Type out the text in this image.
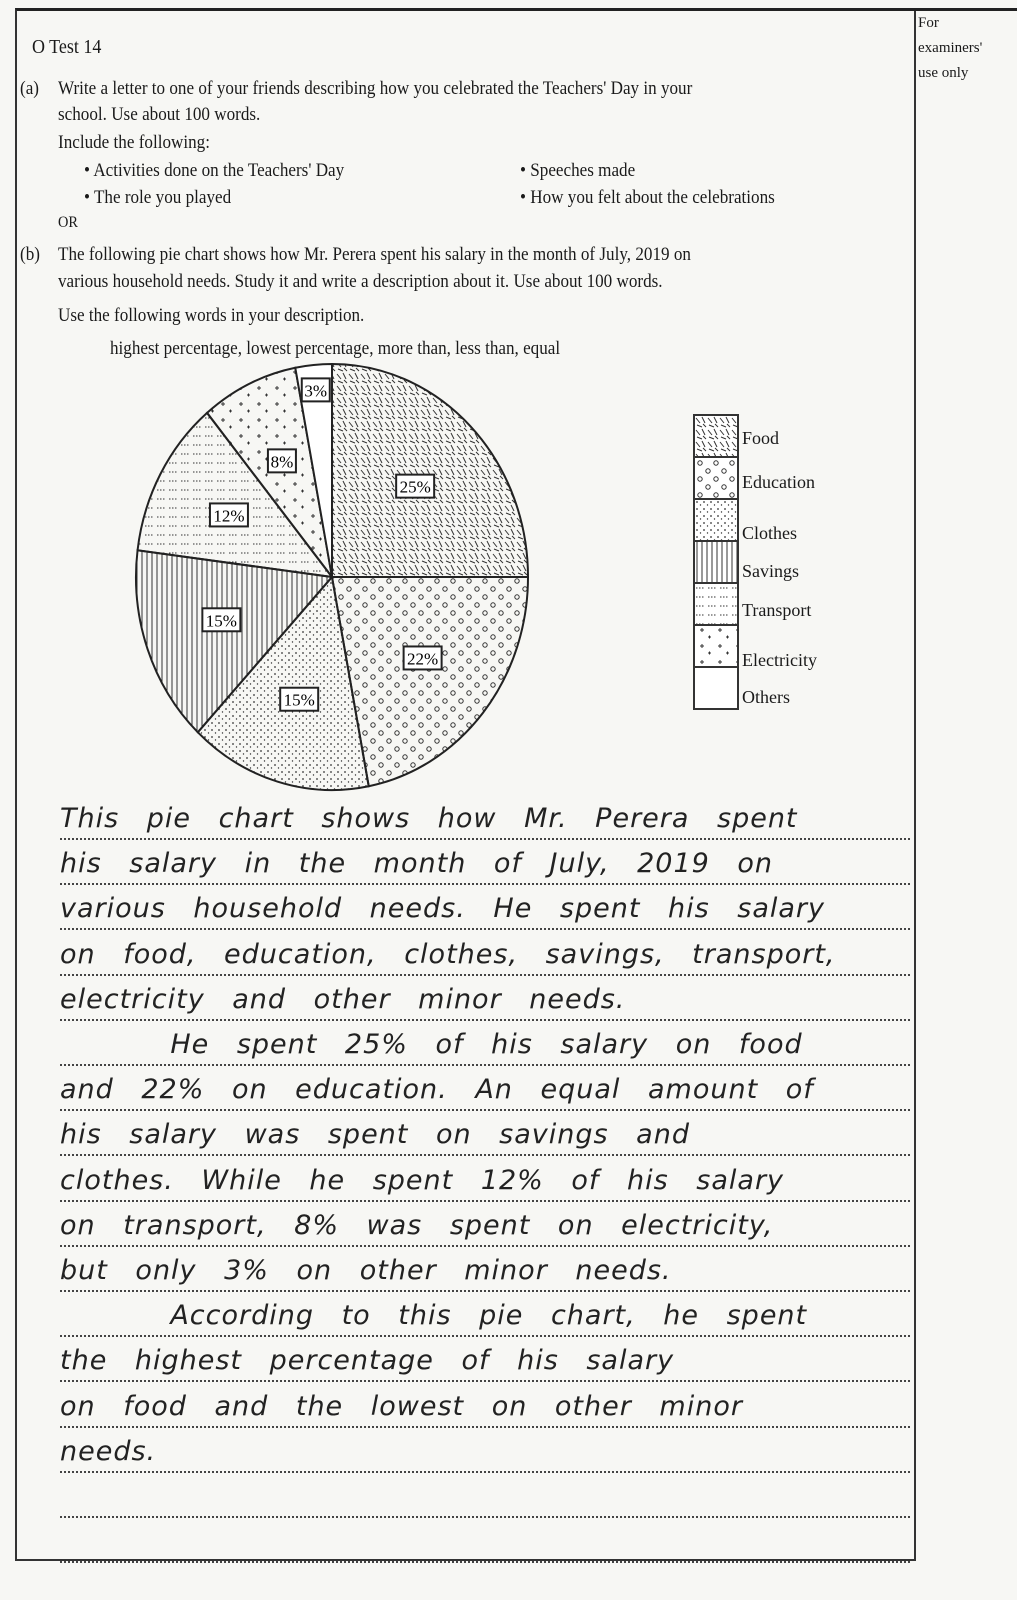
For
examiners'
use only
O Test 14
(a) Write a letter to one of your friends describing how you celebrated the Teachers' Day in your
school. Use about 100 words.
Include the following:
• Activities done on the Teachers' Day	• Speeches made
• The role you played	• How you felt about the celebrations
OR
(b) The following pie chart shows how Mr. Perera spent his salary in the month of July, 2019 on
various household needs. Study it and write a description about it. Use about 100 words.
Use the following words in your description.
highest percentage, lowest percentage, more than, less than, equal
25%
22%
15%
15%
12%
8%
3%
Food
Education
Clothes
Savings
Transport
Electricity
Others
This pie chart shows how Mr. Perera spent
his salary in the month of July, 2019 on
various household needs. He spent his salary
on food, education, clothes, savings, transport,
electricity and other minor needs.
He spent 25% of his salary on food
and 22% on education. An equal amount of
his salary was spent on savings and
clothes. While he spent 12% of his salary
on transport, 8% was spent on electricity,
but only 3% on other minor needs.
According to this pie chart, he spent
the highest percentage of his salary
on food and the lowest on other minor
needs.
